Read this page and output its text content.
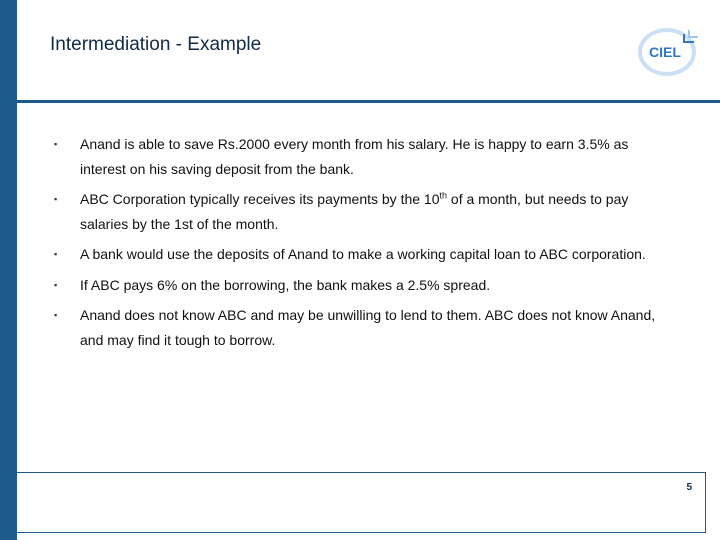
Intermediation - Example	CIEL
▪ Anand is able to save Rs.2000 every month from his salary. He is happy to earn 3.5% as interest on his saving deposit from the bank.
▪ ABC Corporation typically receives its payments by the 10th of a month, but needs to pay salaries by the 1st of the month.
▪ A bank would use the deposits of Anand to make a working capital loan to ABC corporation.
▪ If ABC pays 6% on the borrowing, the bank makes a 2.5% spread.
▪ Anand does not know ABC and may be unwilling to lend to them. ABC does not know Anand, and may find it tough to borrow.
5
